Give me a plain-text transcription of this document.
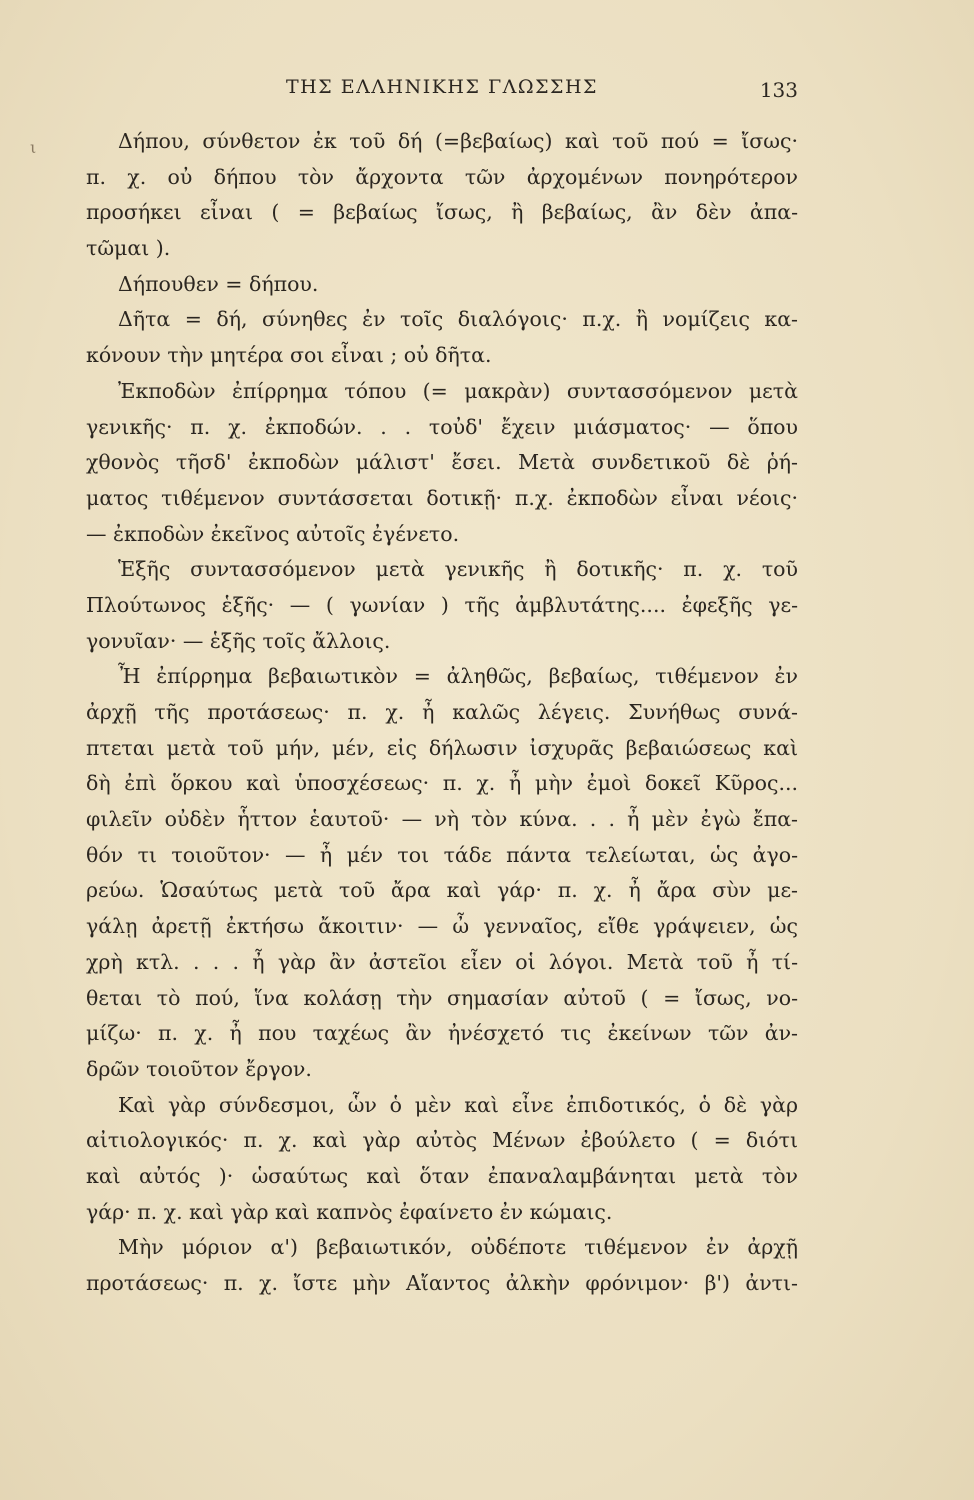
ι
ΤΗΣ ΕΛΛΗΝΙΚΗΣ ΓΛΩΣΣΗΣ	133
Δήπου, σύνθετον ἐκ τοῦ δή (=βεβαίως) καὶ τοῦ πού = ἴσως·
π. χ. οὐ δήπου τὸν ἄρχοντα τῶν ἀρχομένων πονηρότερον
προσήκει εἶναι ( = βεβαίως ἴσως, ἢ βεβαίως, ἂν δὲν ἀπα-
τῶμαι ).
Δήπουθεν = δήπου.
Δῆτα = δή, σύνηθες ἐν τοῖς διαλόγοις· π.χ. ἢ νομίζεις κα-
κόνουν τὴν μητέρα σοι εἶναι ; οὐ δῆτα.
Ἐκποδὼν ἐπίρρημα τόπου (= μακρὰν) συντασσόμενον μετὰ
γενικῆς· π. χ. ἐκποδών. . . τοὐδ' ἔχειν μιάσματος· — ὅπου
χθονὸς τῆσδ' ἐκποδὼν μάλιστ' ἔσει. Μετὰ συνδετικοῦ δὲ ῥή-
ματος τιθέμενον συντάσσεται δοτικῇ· π.χ. ἐκποδὼν εἶναι νέοις·
— ἐκποδὼν ἐκεῖνος αὐτοῖς ἐγένετο.
Ἑξῆς συντασσόμενον μετὰ γενικῆς ἢ δοτικῆς· π. χ. τοῦ
Πλούτωνος ἑξῆς· — ( γωνίαν ) τῆς ἀμβλυτάτης.... ἐφεξῆς γε-
γονυῖαν· — ἑξῆς τοῖς ἄλλοις.
Ἦ ἐπίρρημα βεβαιωτικὸν = ἀληθῶς, βεβαίως, τιθέμενον ἐν
ἀρχῇ τῆς προτάσεως· π. χ. ἦ καλῶς λέγεις. Συνήθως συνά-
πτεται μετὰ τοῦ μήν, μέν, εἰς δήλωσιν ἰσχυρᾶς βεβαιώσεως καὶ
δὴ ἐπὶ ὅρκου καὶ ὑποσχέσεως· π. χ. ἦ μὴν ἐμοὶ δοκεῖ Κῦρος...
φιλεῖν οὐδὲν ἧττον ἑαυτοῦ· — νὴ τὸν κύνα. . . ἦ μὲν ἐγὼ ἔπα-
θόν τι τοιοῦτον· — ἦ μέν τοι τάδε πάντα τελείωται, ὡς ἀγο-
ρεύω. Ὡσαύτως μετὰ τοῦ ἄρα καὶ γάρ· π. χ. ἦ ἄρα σὺν με-
γάλῃ ἀρετῇ ἐκτήσω ἄκοιτιν· — ὦ γενναῖος, εἴθε γράψειεν, ὡς
χρὴ κτλ. . . . ἦ γὰρ ἂν ἀστεῖοι εἶεν οἱ λόγοι. Μετὰ τοῦ ἦ τί-
θεται τὸ πού, ἵνα κολάσῃ τὴν σημασίαν αὐτοῦ ( = ἴσως, νο-
μίζω· π. χ. ἦ που ταχέως ἂν ἠνέσχετό τις ἐκείνων τῶν ἀν-
δρῶν τοιοῦτον ἔργον.
Καὶ γὰρ σύνδεσμοι, ὧν ὁ μὲν καὶ εἶνε ἐπιδοτικός, ὁ δὲ γὰρ
αἰτιολογικός· π. χ. καὶ γὰρ αὐτὸς Μένων ἐβούλετο ( = διότι
καὶ αὐτός )· ὡσαύτως καὶ ὅταν ἐπαναλαμβάνηται μετὰ τὸν
γάρ· π. χ. καὶ γὰρ καὶ καπνὸς ἐφαίνετο ἐν κώμαις.
Μὴν μόριον α') βεβαιωτικόν, οὐδέποτε τιθέμενον ἐν ἀρχῇ
προτάσεως· π. χ. ἴστε μὴν Αἴαντος ἀλκὴν φρόνιμον· β') ἀντι-
